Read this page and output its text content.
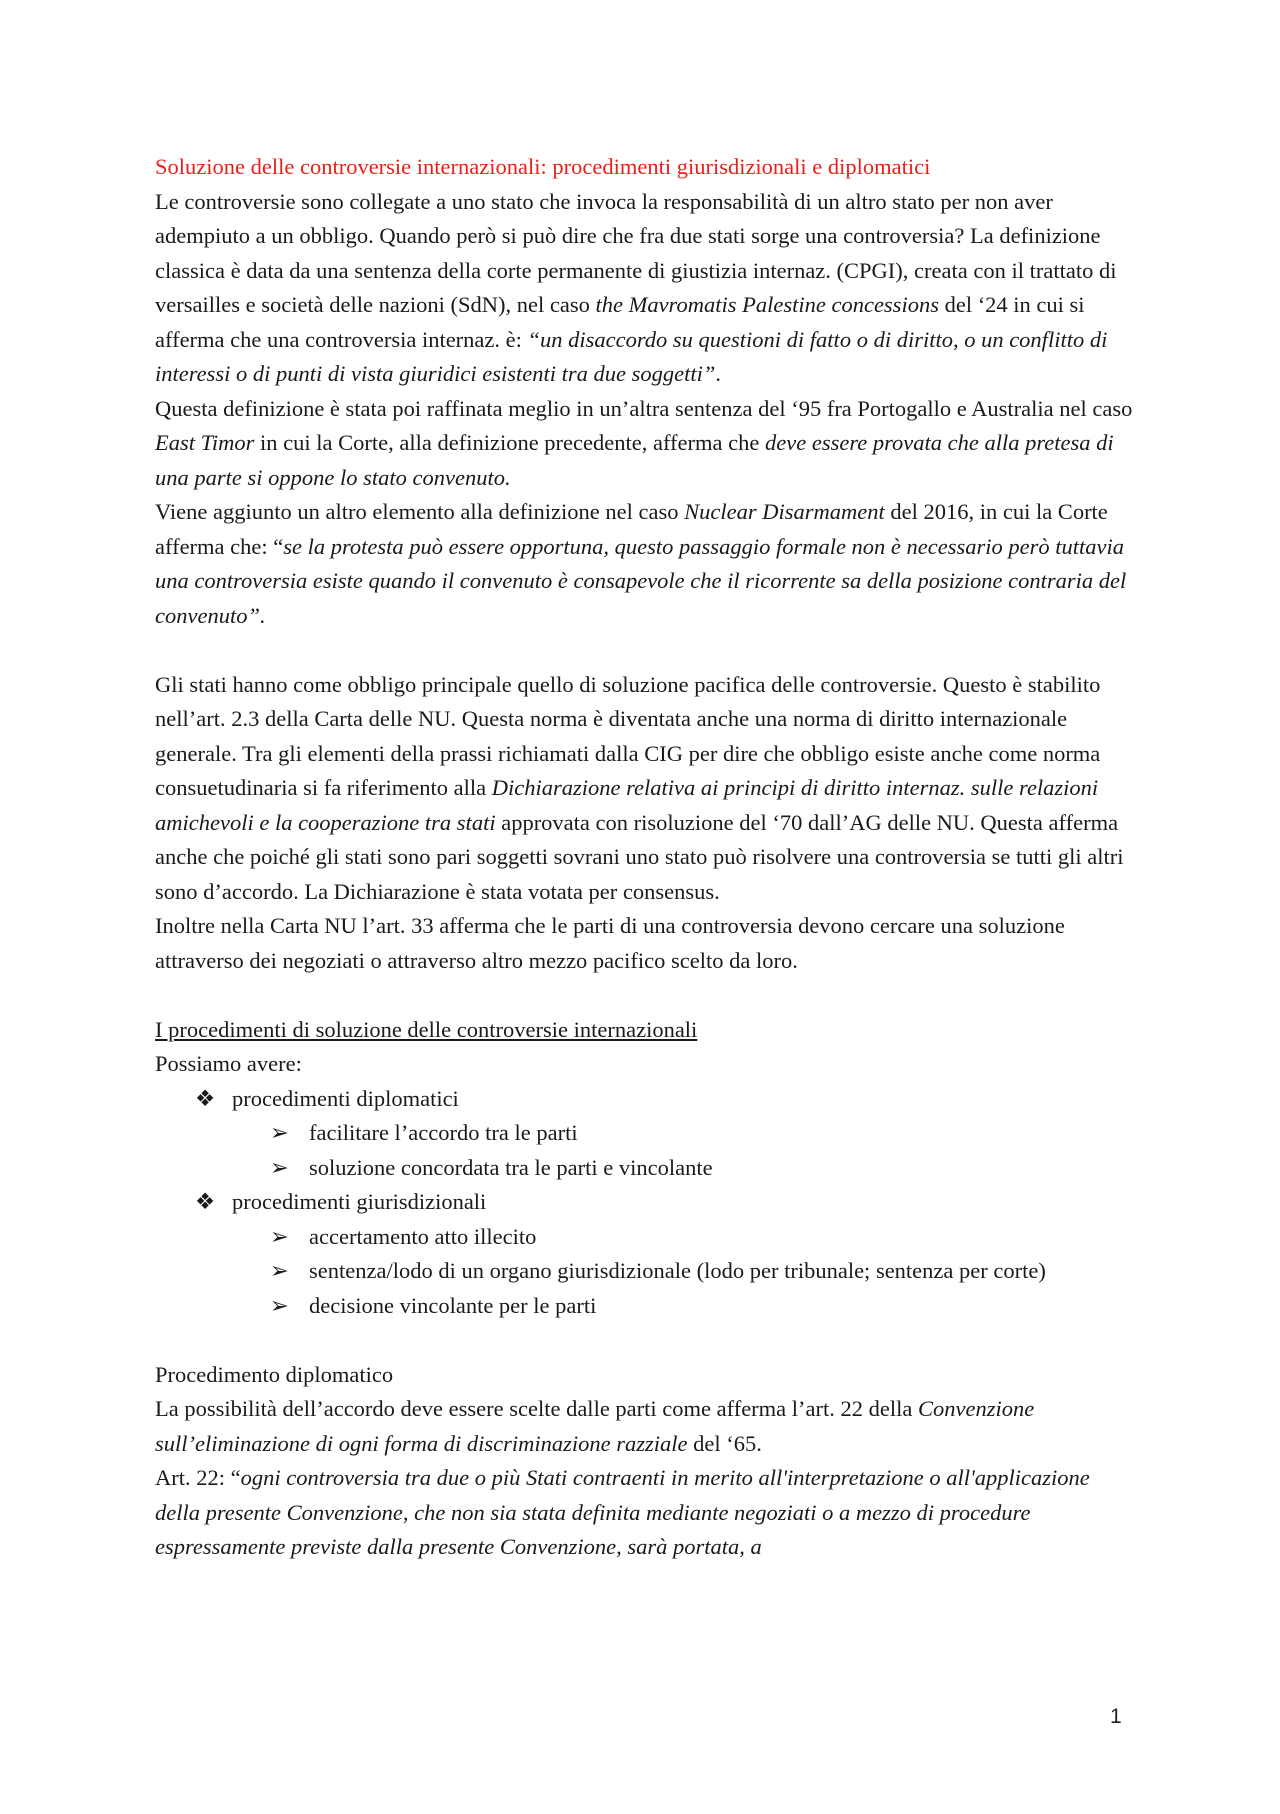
Soluzione delle controversie internazionali: procedimenti giurisdizionali e diplomatici

Le controversie sono collegate a uno stato che invoca la responsabilità di un altro stato per non aver adempiuto a un obbligo. Quando però si può dire che fra due stati sorge una controversia? La definizione classica è data da una sentenza della corte permanente di giustizia internaz. (CPGI), creata con il trattato di versailles e società delle nazioni (SdN), nel caso the Mavromatis Palestine concessions del ‘24 in cui si afferma che una controversia internaz. è: “un disaccordo su questioni di fatto o di diritto, o un conflitto di interessi o di punti di vista giuridici esistenti tra due soggetti”.

Questa definizione è stata poi raffinata meglio in un’altra sentenza del ‘95 fra Portogallo e Australia nel caso East Timor in cui la Corte, alla definizione precedente, afferma che deve essere provata che alla pretesa di una parte si oppone lo stato convenuto.

Viene aggiunto un altro elemento alla definizione nel caso Nuclear Disarmament del 2016, in cui la Corte afferma che: “se la protesta può essere opportuna, questo passaggio formale non è necessario però tuttavia una controversia esiste quando il convenuto è consapevole che il ricorrente sa della posizione contraria del convenuto”.

Gli stati hanno come obbligo principale quello di soluzione pacifica delle controversie. Questo è stabilito nell’art. 2.3 della Carta delle NU. Questa norma è diventata anche una norma di diritto internazionale generale. Tra gli elementi della prassi richiamati dalla CIG per dire che obbligo esiste anche come norma consuetudinaria si fa riferimento alla Dichiarazione relativa ai principi di diritto internaz. sulle relazioni amichevoli e la cooperazione tra stati approvata con risoluzione del ‘70 dall’AG delle NU. Questa afferma anche che poiché gli stati sono pari soggetti sovrani uno stato può risolvere una controversia se tutti gli altri sono d’accordo. La Dichiarazione è stata votata per consensus.

Inoltre nella Carta NU l’art. 33 afferma che le parti di una controversia devono cercare una soluzione attraverso dei negoziati o attraverso altro mezzo pacifico scelto da loro.

I procedimenti di soluzione delle controversie internazionali

Possiamo avere:

❖ procedimenti diplomatici
➢ facilitare l’accordo tra le parti
➢ soluzione concordata tra le parti e vincolante
❖ procedimenti giurisdizionali
➢ accertamento atto illecito
➢ sentenza/lodo di un organo giurisdizionale (lodo per tribunale; sentenza per corte)
➢ decisione vincolante per le parti

Procedimento diplomatico

La possibilità dell’accordo deve essere scelte dalle parti come afferma l’art. 22 della Convenzione sull’eliminazione di ogni forma di discriminazione razziale del ‘65.

Art. 22: “ogni controversia tra due o più Stati contraenti in merito all'interpretazione o all'applicazione della presente Convenzione, che non sia stata definita mediante negoziati o a mezzo di procedure espressamente previste dalla presente Convenzione, sarà portata, a

1
